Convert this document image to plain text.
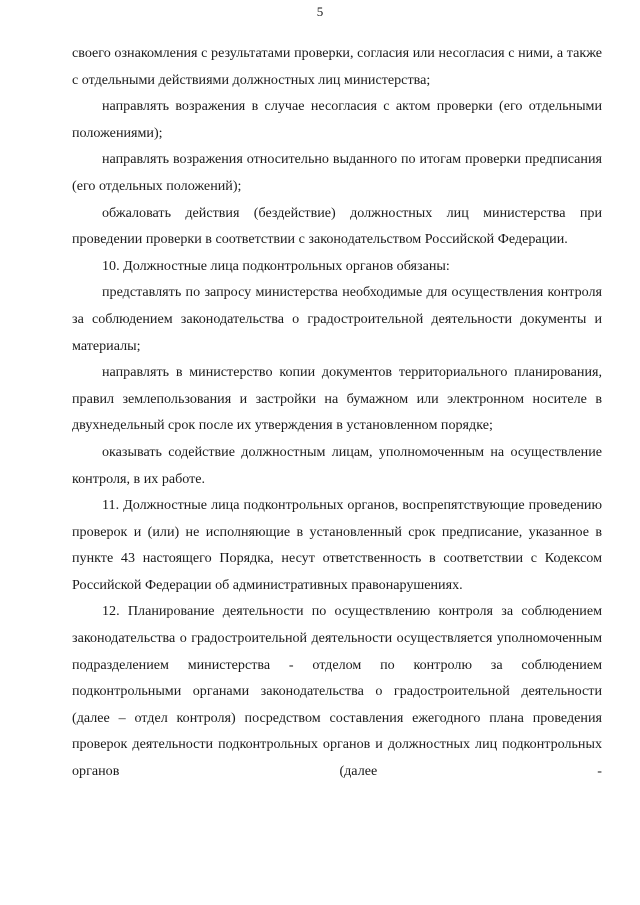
5

своего ознакомления с результатами проверки, согласия или несогласия с ними, а также с отдельными действиями должностных лиц министерства;

направлять возражения в случае несогласия с актом проверки (его отдельными положениями);

направлять возражения относительно выданного по итогам проверки предписания (его отдельных положений);

обжаловать действия (бездействие) должностных лиц министерства при проведении проверки в соответствии с законодательством Российской Федерации.

10. Должностные лица подконтрольных органов обязаны:

представлять по запросу министерства необходимые для осуществления контроля за соблюдением законодательства о градостроительной деятельности документы и материалы;

направлять в министерство копии документов территориального планирования, правил землепользования и застройки на бумажном или электронном носителе в двухнедельный срок после их утверждения в установленном порядке;

оказывать содействие должностным лицам, уполномоченным на осуществление контроля, в их работе.

11. Должностные лица подконтрольных органов, воспрепятствующие проведению проверок и (или) не исполняющие в установленный срок предписание, указанное в пункте 43 настоящего Порядка, несут ответственность в соответствии с Кодексом Российской Федерации об административных правонарушениях.

12. Планирование деятельности по осуществлению контроля за соблюдением законодательства о градостроительной деятельности осуществляется уполномоченным подразделением министерства - отделом по контролю за соблюдением подконтрольными органами законодательства о градостроительной деятельности (далее – отдел контроля) посредством составления ежегодного плана проведения проверок деятельности подконтрольных органов и должностных лиц подконтрольных органов (далее -
